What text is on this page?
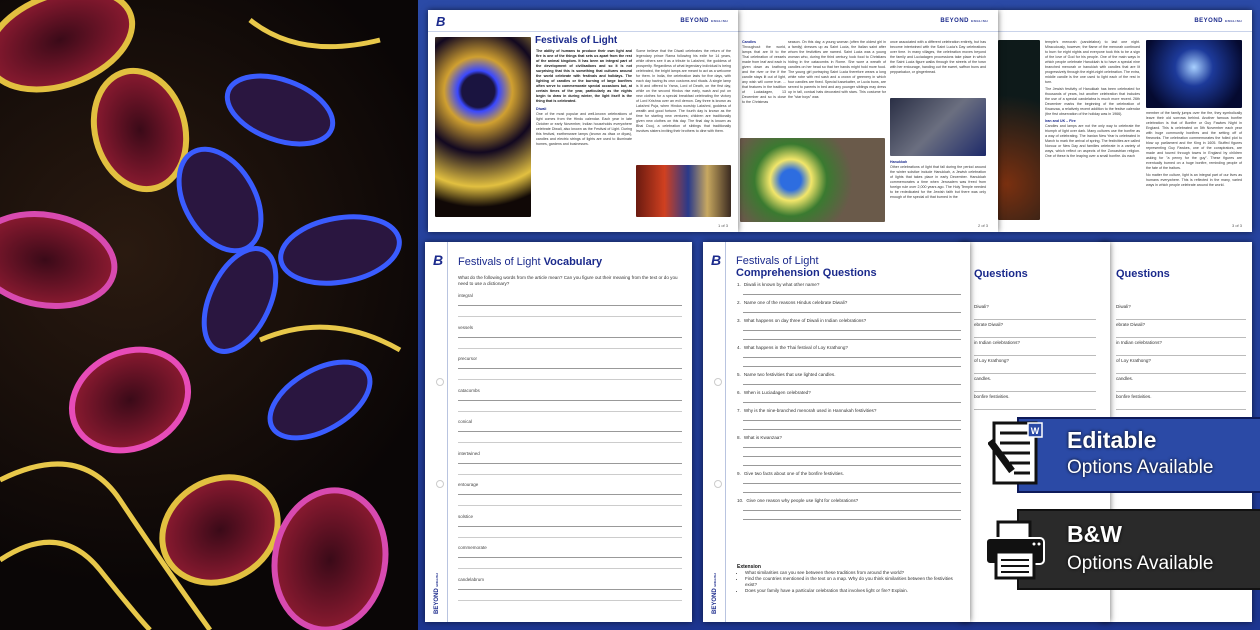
BEYOND ENGLISH

temple's menorah (candelabra) to last one night. Miraculously, however, the flame of the menorah continued to burn for eight nights and everyone took this to be a sign of the love of God for his people. One of the main ways in which people celebrate Hanukkah is to have a special nine branched menorah or hanukiah with candles that are lit progressively through the eight-night celebration. The extra, middle candle is the one used to light each of the rest in turn.

The Jewish festivity of Hanukkah has been celebrated for thousands of years, but another celebration that includes the use of a special candelabra is much more recent. 26th December marks the beginning of the celebration of Kwanzaa, a relatively recent addition to the festive calendar (the first observation of the holiday was in 1966).

Iran and UK – Fire

Candles and lamps are not the only way to celebrate the triumph of light over dark. Many cultures use the bonfire as a way of celebrating. The Iranian New Year is celebrated in March to mark the arrival of spring. The festivities are called Norouz or New Day and families celebrate in a variety of ways, which reflect on aspects of the Zoroastrian religion. One of these is the leaping over a small bonfire. As each

member of the family jumps over the fire, they symbolically leave their old sorrows behind. Another famous bonfire celebration is that of Bonfire or Guy Fawkes Night in England. This is celebrated on 5th November each year with huge community bonfires and the setting off of fireworks. The celebration commemorates the foiled plot to blow up parliament and the King in 1605. Stuffed figures representing Guy Fawkes, one of the conspirators, are made and toured through towns in England by children asking for "a penny for the guy". These figures are eventually burned on a huge bonfire, reminding people of the fate of the traitors.

No matter the culture, light is an integral part of our lives as humans everywhere. This is reflected in the many, varied ways in which people celebrate around the world.

3 of 3
BEYOND ENGLISH

Candles

Throughout the world, lamps that are lit to the Thai celebration of vessels made from leaf and each is given down as krathong and the river or the if the candle stays lit out of light, any wish will come true. ... that features in the tradition of Luciadagen, 13 December and so is close to the Christmas

season. On this day, a young woman (often the oldest girl in a family) dresses up as Saint Lucia, the Italian saint after whom the festivities are named. Saint Lucia was a young woman who, during the third century, took food to Christians hiding in the catacombs in Rome. She wore a wreath of candles on her head so that her hands might hold more food. The young girl portraying Saint Lucia therefore wears a long white robe with red sash and a crown of greenery in which four candles are fixed. Special lussekatter, or Lucia buns, are served to parents in bed and any younger siblings may dress up in tall, conical hats decorated with stars. This costume for the "star boys" was

once associated with a different celebration entirely, but has become intertwined with the Saint Lucia's Day celebrations over time. In many villages, the celebration moves beyond the family and Luciadagen processions take place in which the Saint Lucia figure walks through the streets of the town with her entourage, handing out the sweet, saffron buns and pepparkakor, or gingerbread.

Hanukkah

Other celebrations of light that fall during the period around the winter solstice include Hanukkah, a Jewish celebration of lights that takes place in early December. Hanukkah commemorates a time when Jerusalem was freed from foreign rule over 2,000 years ago. The Holy Temple needed to be rededicated for the Jewish faith but there was only enough of the special oil that burned in the

2 of 3
B	BEYOND ENGLISH
Festivals of Light

The ability of humans to produce their own light and fire is one of the things that sets us apart from the rest of the animal kingdom. It has been an integral part of the development of civilisations and so it is not surprising that this is something that cultures around the world celebrate with festivals and holidays. The lighting of candles or the burning of large bonfires often serve to commemorate special occasions but, at certain times of the year, particularly as the nights begin to draw in during winter, the light itself is the thing that is celebrated.

Diwali

One of the most popular and well-known celebrations of light comes from the Hindu calendar. Each year in late October or early November, Indian households everywhere celebrate Diwali, also known as the Festival of Light. During this festival, earthenware lamps (known as diwa or diyas), candles and electric strings of lights are used to illuminate homes, gardens and businesses.

Some believe that the Diwali celebrates the return of the legendary prince Rama following his exile for 14 years, while others see it as a tribute to Lakshmi, the goddess of prosperity. Regardless of what legendary individual is being celebrated, the bright lamps are meant to act as a welcome for them. In India, the celebration lasts for five days, with each day having its own customs and rituals. A single lamp is lit and offered to Yama, Lord of Death, on the first day, while on the second Hindus rise early, wash and put on new clothes for a special breakfast celebrating the victory of Lord Krishna over an evil demon. Day three is known as Lakshmi Puja, when Hindus worship Lakshmi, goddess of wealth and good fortune. The fourth day is known as the time for starting new ventures; children are traditionally given new clothes on this day. The final day is known as Bhai Dooj, a celebration of siblings that traditionally involves sisters inviting their brothers to dine with them.

1 of 3
B
BEYOND ENGLISH
Festivals of Light Vocabulary
What do the following words from the article mean? Can you figure out their meaning from the text or do you need to use a dictionary?
integral
vessels
precursor
catacombs
conical
intertwined
entourage
solstice
commemorate
candelabrum
Questions
Diwali?
ebrate Diwali?
in Indian celebrations?
of Loy Krathong?
candles.
bonfire festivities.
Questions
Diwali?
ebrate Diwali?
in Indian celebrations?
of Loy Krathong?
candles.
bonfire festivities.
B
BEYOND ENGLISH
Festivals of Light
Comprehension Questions
1. Diwali is known by what other name?
2. Name one of the reasons Hindus celebrate Diwali?
3. What happens on day three of Diwali in Indian celebrations?
4. What happens in the Thai festival of Loy Krathong?
5. Name two festivities that use lighted candles.
6. When is Luciadagen celebrated?
7. Why is the nine-branched menorah used in Hannukah festivities?
8. What is Kwanzaa?
9. Give two facts about one of the bonfire festivities.
10. Give one reason why people use light for celebrations?
Extension
• What similarities can you see between these traditions from around the world?
• Find the countries mentioned in the text on a map. Why do you think similarities between the festivities exist?
• Does your family have a particular celebration that involves light or fire? Explain.
Editable
Options Available
W
B&W
Options Available
